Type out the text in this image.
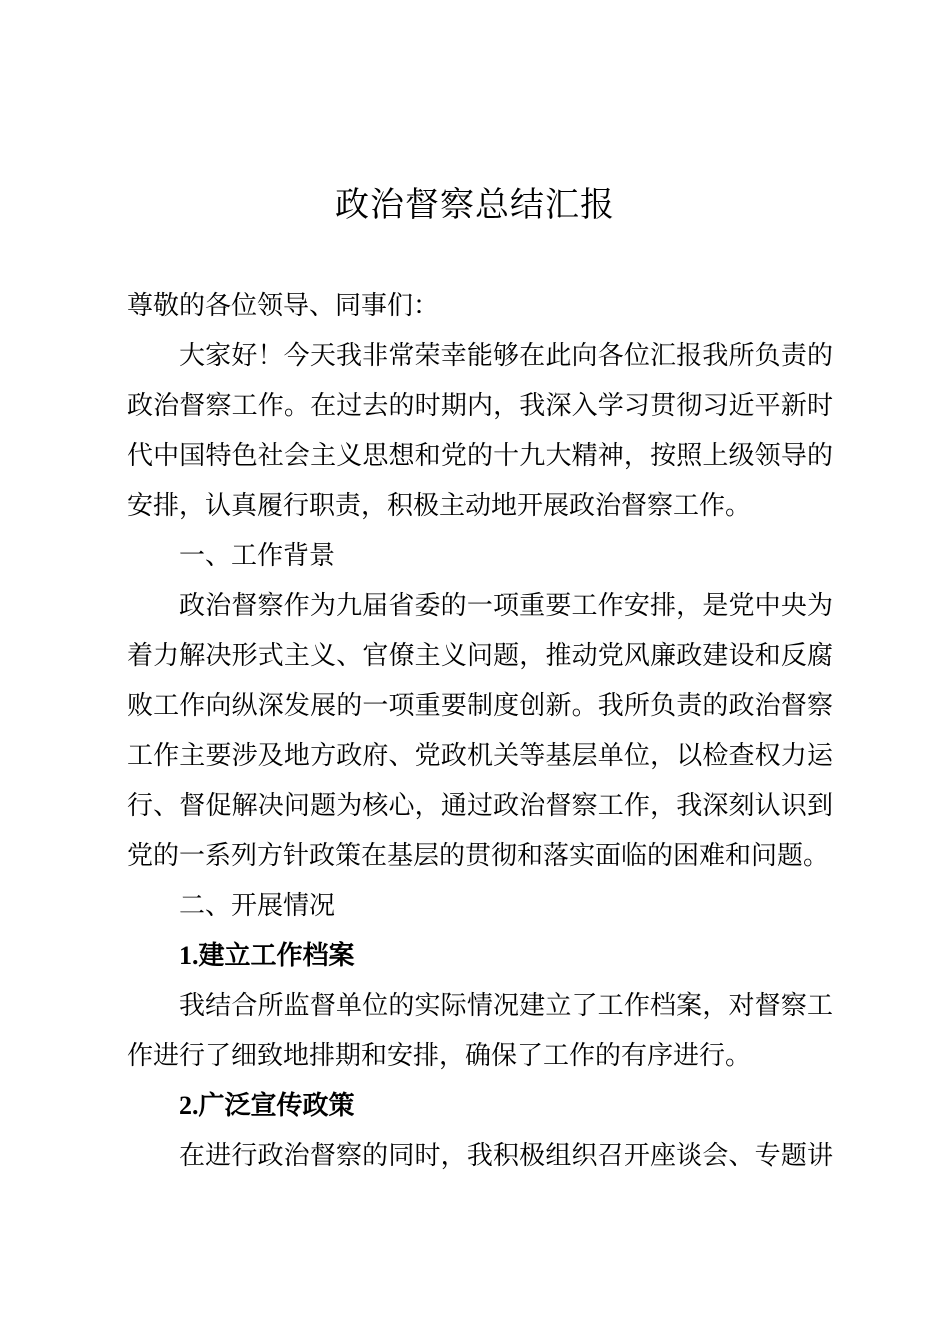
政治督察总结汇报

尊敬的各位领导、同事们：

大家好！今天我非常荣幸能够在此向各位汇报我所负责的

政治督察工作。在过去的时期内，我深入学习贯彻习近平新时

代中国特色社会主义思想和党的十九大精神，按照上级领导的

安排，认真履行职责，积极主动地开展政治督察工作。

一、工作背景

政治督察作为九届省委的一项重要工作安排，是党中央为

着力解决形式主义、官僚主义问题，推动党风廉政建设和反腐

败工作向纵深发展的一项重要制度创新。我所负责的政治督察

工作主要涉及地方政府、党政机关等基层单位，以检查权力运

行、督促解决问题为核心，通过政治督察工作，我深刻认识到

党的一系列方针政策在基层的贯彻和落实面临的困难和问题。

二、开展情况

1.建立工作档案

我结合所监督单位的实际情况建立了工作档案，对督察工

作进行了细致地排期和安排，确保了工作的有序进行。

2.广泛宣传政策

在进行政治督察的同时，我积极组织召开座谈会、专题讲
